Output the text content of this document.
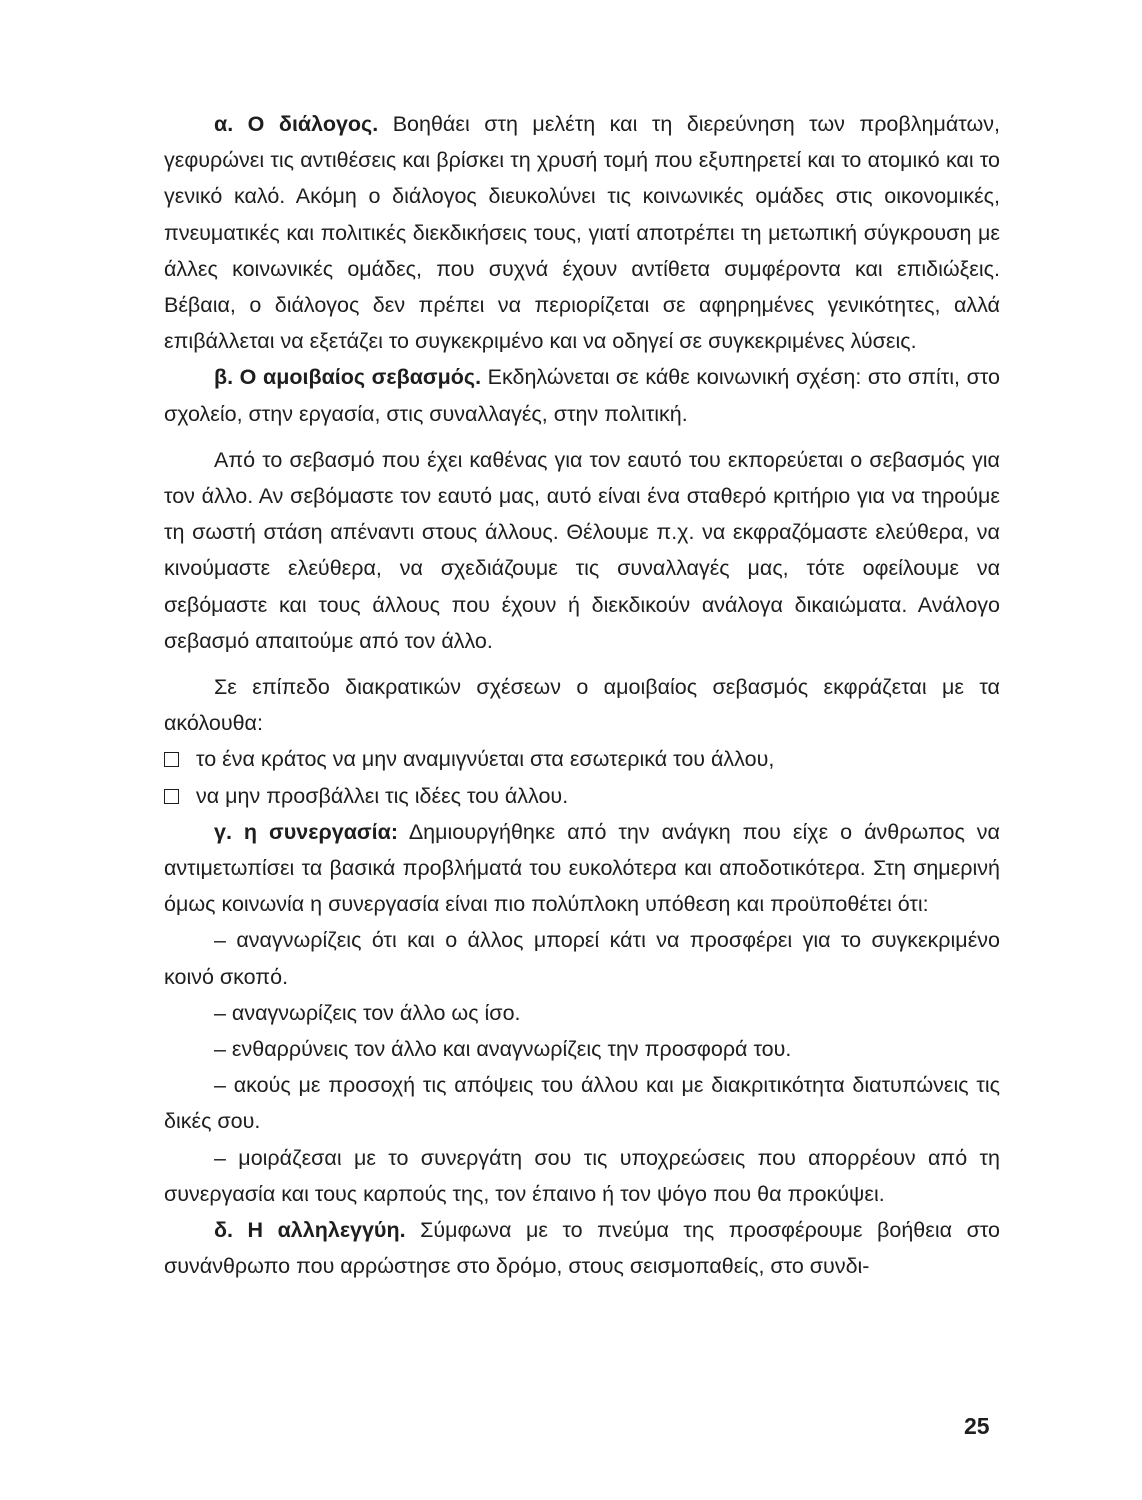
α. Ο διάλογος. Βοηθάει στη μελέτη και τη διερεύνηση των προβλημάτων, γεφυρώνει τις αντιθέσεις και βρίσκει τη χρυσή τομή που εξυπηρετεί και το ατομικό και το γενικό καλό. Ακόμη ο διάλογος διευκολύνει τις κοινωνικές ομάδες στις οικονομικές, πνευματικές και πολιτικές διεκδικήσεις τους, γιατί αποτρέπει τη μετωπική σύγκρουση με άλλες κοινωνικές ομάδες, που συχνά έχουν αντίθετα συμφέροντα και επιδιώξεις. Βέβαια, ο διάλογος δεν πρέπει να περιορίζεται σε αφηρημένες γενικότητες, αλλά επιβάλλεται να εξετάζει το συγκεκριμένο και να οδηγεί σε συγκεκριμένες λύσεις.

β. Ο αμοιβαίος σεβασμός. Εκδηλώνεται σε κάθε κοινωνική σχέση: στο σπίτι, στο σχολείο, στην εργασία, στις συναλλαγές, στην πολιτική.

Από το σεβασμό που έχει καθένας για τον εαυτό του εκπορεύεται ο σεβασμός για τον άλλο. Αν σεβόμαστε τον εαυτό μας, αυτό είναι ένα σταθερό κριτήριο για να τηρούμε τη σωστή στάση απέναντι στους άλλους. Θέλουμε π.χ. να εκφραζόμαστε ελεύθερα, να κινούμαστε ελεύθερα, να σχεδιάζουμε τις συναλλαγές μας, τότε οφείλουμε να σεβόμαστε και τους άλλους που έχουν ή διεκδικούν ανάλογα δικαιώματα. Ανάλογο σεβασμό απαιτούμε από τον άλλο.

Σε επίπεδο διακρατικών σχέσεων ο αμοιβαίος σεβασμός εκφράζεται με τα ακόλουθα:

το ένα κράτος να μην αναμιγνύεται στα εσωτερικά του άλλου,

να μην προσβάλλει τις ιδέες του άλλου.

γ. η συνεργασία: Δημιουργήθηκε από την ανάγκη που είχε ο άνθρωπος να αντιμετωπίσει τα βασικά προβλήματά του ευκολότερα και αποδοτικότερα. Στη σημερινή όμως κοινωνία η συνεργασία είναι πιο πολύπλοκη υπόθεση και προϋποθέτει ότι:

– αναγνωρίζεις ότι και ο άλλος μπορεί κάτι να προσφέρει για το συγκεκριμένο κοινό σκοπό.

– αναγνωρίζεις τον άλλο ως ίσο.

– ενθαρρύνεις τον άλλο και αναγνωρίζεις την προσφορά του.

– ακούς με προσοχή τις απόψεις του άλλου και με διακριτικότητα διατυπώνεις τις δικές σου.

– μοιράζεσαι με το συνεργάτη σου τις υποχρεώσεις που απορρέουν από τη συνεργασία και τους καρπούς της, τον έπαινο ή τον ψόγο που θα προκύψει.

δ. Η αλληλεγγύη. Σύμφωνα με το πνεύμα της προσφέρουμε βοήθεια στο συνάνθρωπο που αρρώστησε στο δρόμο, στους σεισμοπαθείς, στο συνδι-

25
